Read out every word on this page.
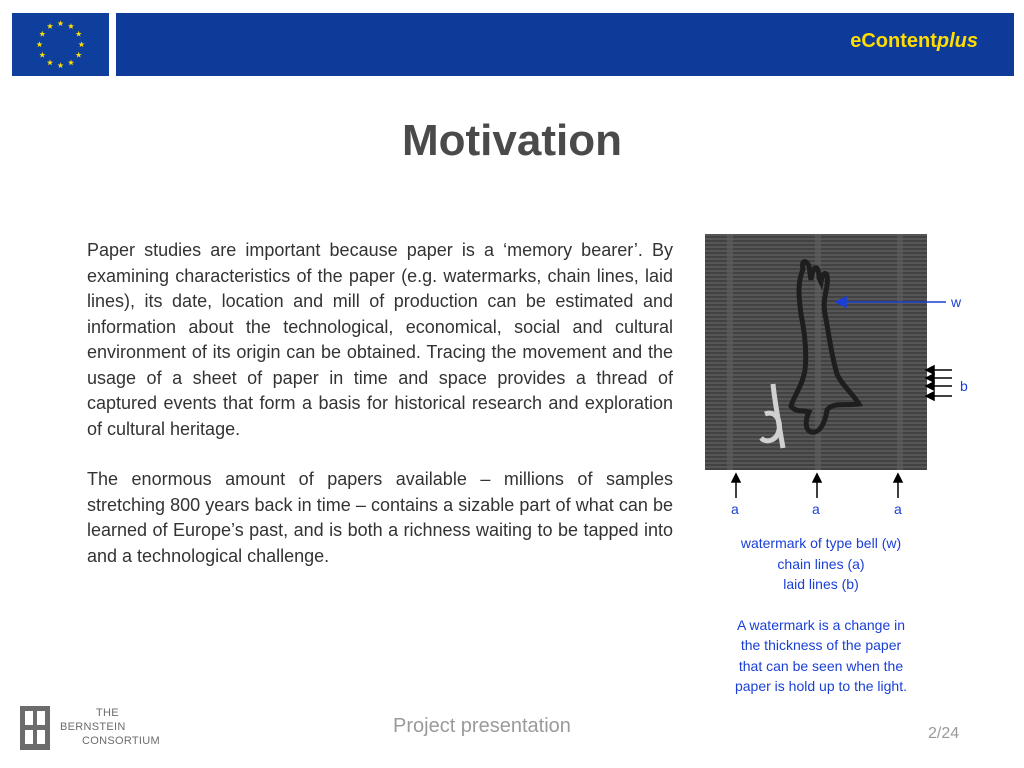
eContentplus
Motivation

Paper studies are important because paper is a ‘memory bearer’. By examining characteristics of the paper (e.g. watermarks, chain lines, laid lines), its date, location and mill of production can be estimated and information about the technological, economical, social and cultural environment of its origin can be obtained. Tracing the movement and the usage of a sheet of paper in time and space provides a thread of captured events that form a basis for historical research and exploration of cultural heritage.

The enormous amount of papers available – millions of samples stretching 800 years back in time – contains a sizable part of what can be learned of Europe’s past, and is both a richness waiting to be tapped into and a technological challenge.

w
b
a	a	a
watermark of type bell (w)
chain lines (a)
laid lines (b)
A watermark is a change in
the thickness of the paper
that can be seen when the
paper is hold up to the light.
THE
BERNSTEIN
CONSORTIUM
Project presentation	2/24
